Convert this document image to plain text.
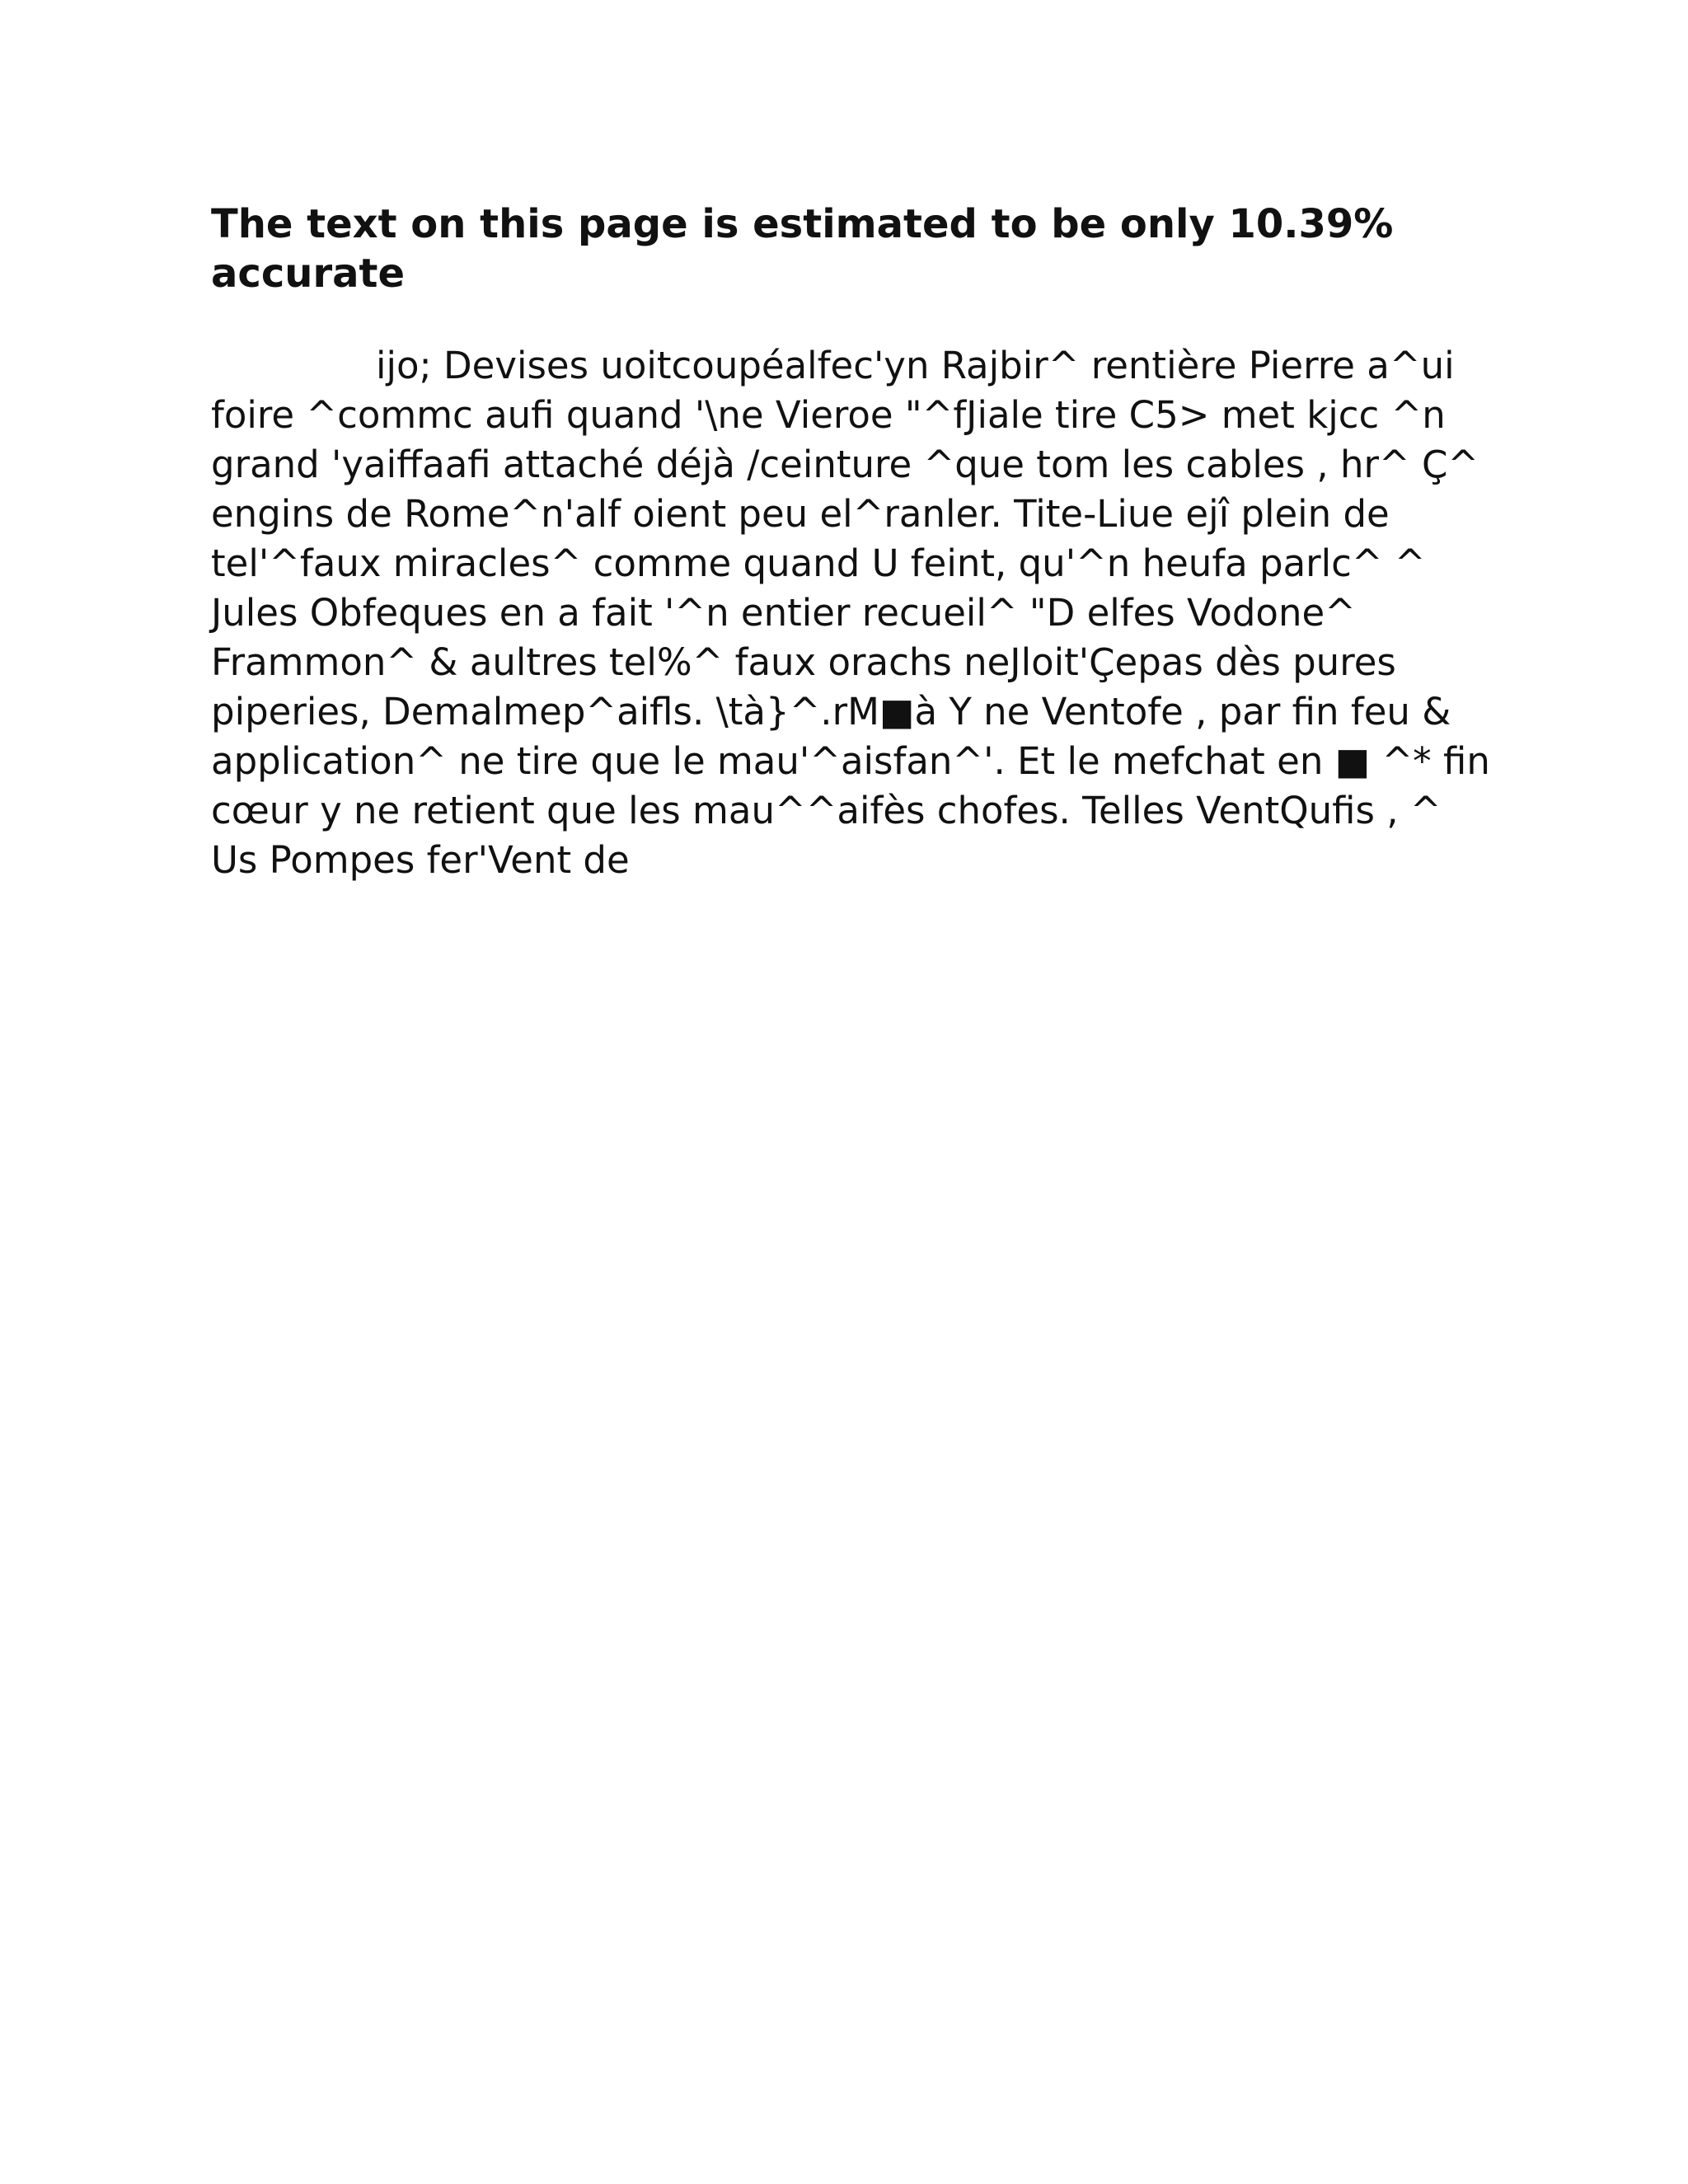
The text on this page is estimated to be only 10.39% accurate

ijo; Devises uoitcoupéalfec'yn Rajbir^ rentière Pierre a^ui foire ^commc aufi quand '\ne Vieroe "^fJiale tire C5> met kjcc ^n grand 'yaiffaafi attaché déjà /ceinture ^que tom les cables , hr^ Ç^ engins de Rome^n'alf oient peu el^ranler. Tite-Liue ejî plein de tel'^faux miracles^ comme quand U feint, qu'^n heufa parlc^ ^ Jules Obfeques en a fait '^n entier recueil^ "D elfes Vodone^ Frammon^ & aultres tel%^ faux orachs neJloit'Çepas dès pures piperies, Demalmep^aifls. \tà}^.rM■à Y ne Ventofe , par fin feu & application^ ne tire que le mau'^aisfan^'. Et le mefchat en ■ ^* fin cœur y ne retient que les mau^^aifès chofes. Telles VentQufis , ^ Us Pompes fer'Vent de
